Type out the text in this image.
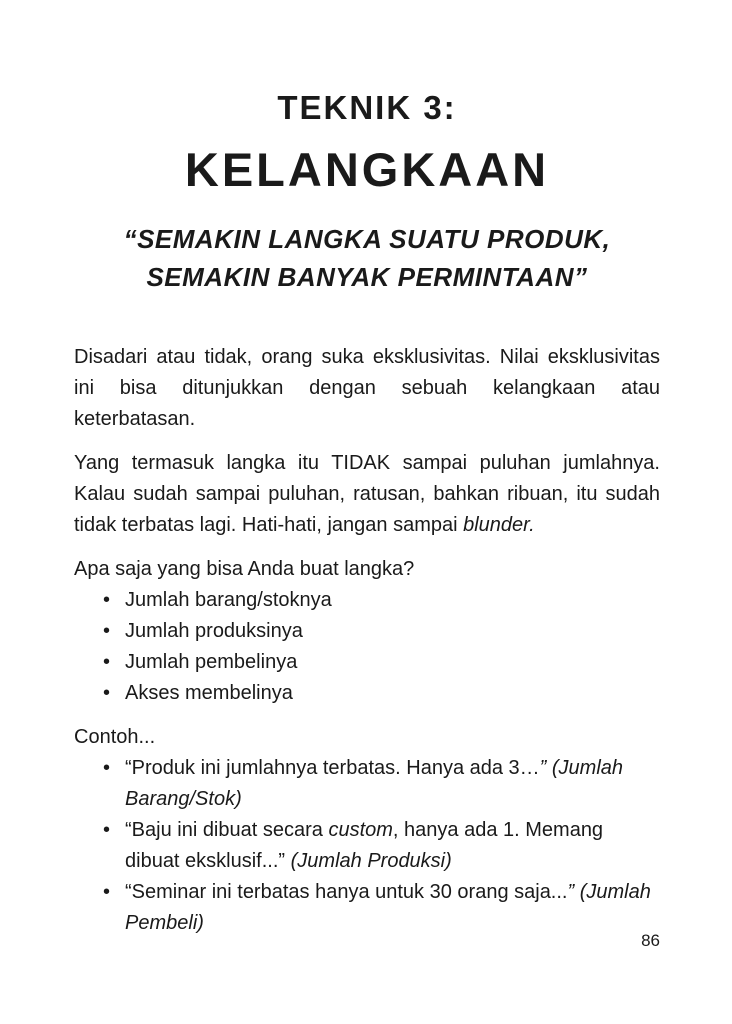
TEKNIK 3:
KELANGKAAN
“SEMAKIN LANGKA SUATU PRODUK, SEMAKIN BANYAK PERMINTAAN”

Disadari atau tidak, orang suka eksklusivitas. Nilai eksklusivitas ini bisa ditunjukkan dengan sebuah kelangkaan atau keterbatasan.

Yang termasuk langka itu TIDAK sampai puluhan jumlahnya. Kalau sudah sampai puluhan, ratusan, bahkan ribuan, itu sudah tidak terbatas lagi. Hati-hati, jangan sampai blunder.

Apa saja yang bisa Anda buat langka?

• Jumlah barang/stoknya
• Jumlah produksinya
• Jumlah pembelinya
• Akses membelinya

Contoh...

• “Produk ini jumlahnya terbatas. Hanya ada 3…” (Jumlah Barang/Stok)
• “Baju ini dibuat secara custom, hanya ada 1. Memang dibuat eksklusif...” (Jumlah Produksi)
• “Seminar ini terbatas hanya untuk 30 orang saja...” (Jumlah Pembeli)
86
